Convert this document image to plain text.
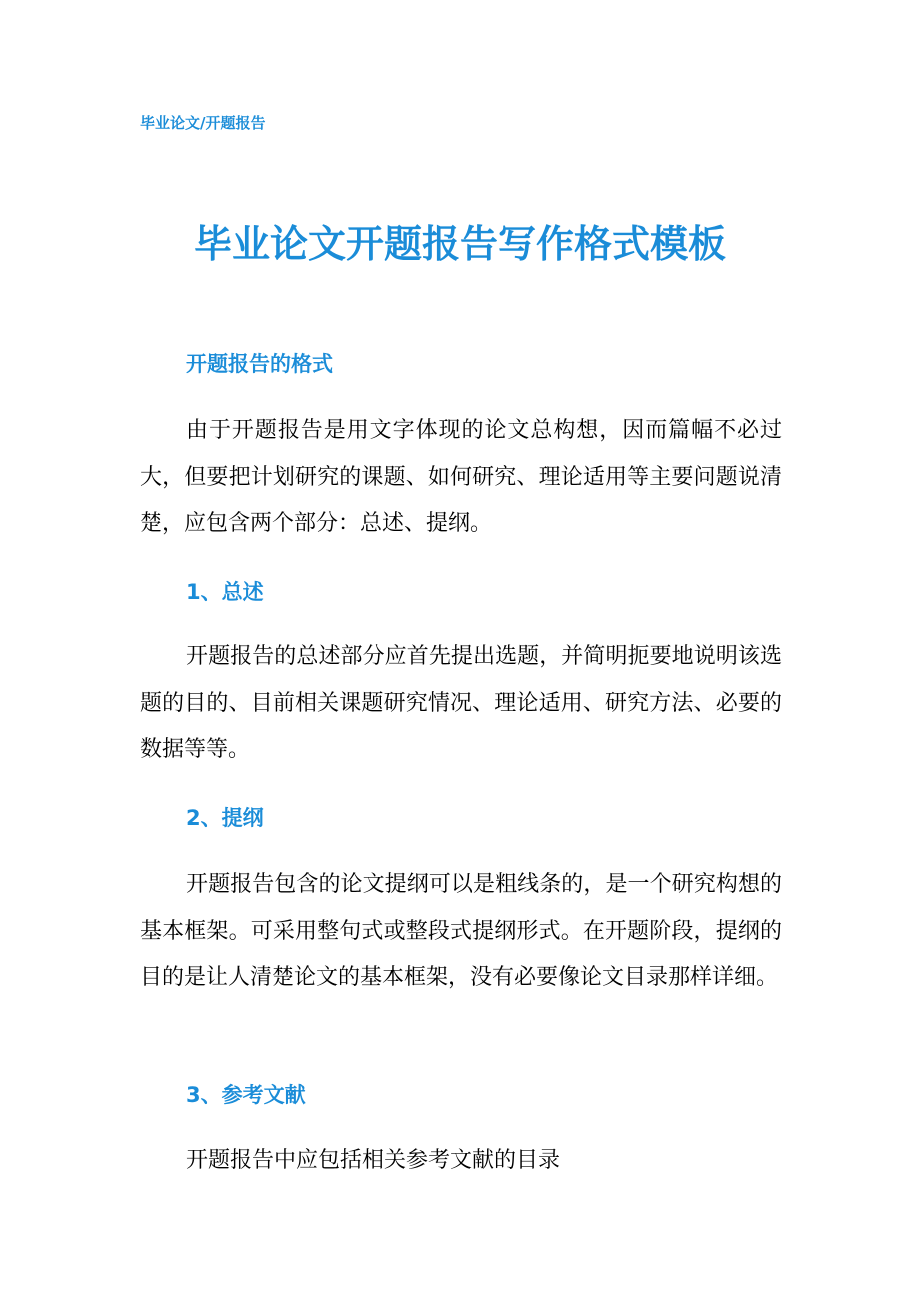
毕业论文/开题报告
毕业论文开题报告写作格式模板
开题报告的格式
由于开题报告是用文字体现的论文总构想，因而篇幅不必过大，但要把计划研究的课题、如何研究、理论适用等主要问题说清楚，应包含两个部分：总述、提纲。
1、总述
开题报告的总述部分应首先提出选题，并简明扼要地说明该选题的目的、目前相关课题研究情况、理论适用、研究方法、必要的数据等等。
2、提纲
开题报告包含的论文提纲可以是粗线条的，是一个研究构想的基本框架。可采用整句式或整段式提纲形式。在开题阶段，提纲的目的是让人清楚论文的基本框架，没有必要像论文目录那样详细。
3、参考文献
开题报告中应包括相关参考文献的目录
